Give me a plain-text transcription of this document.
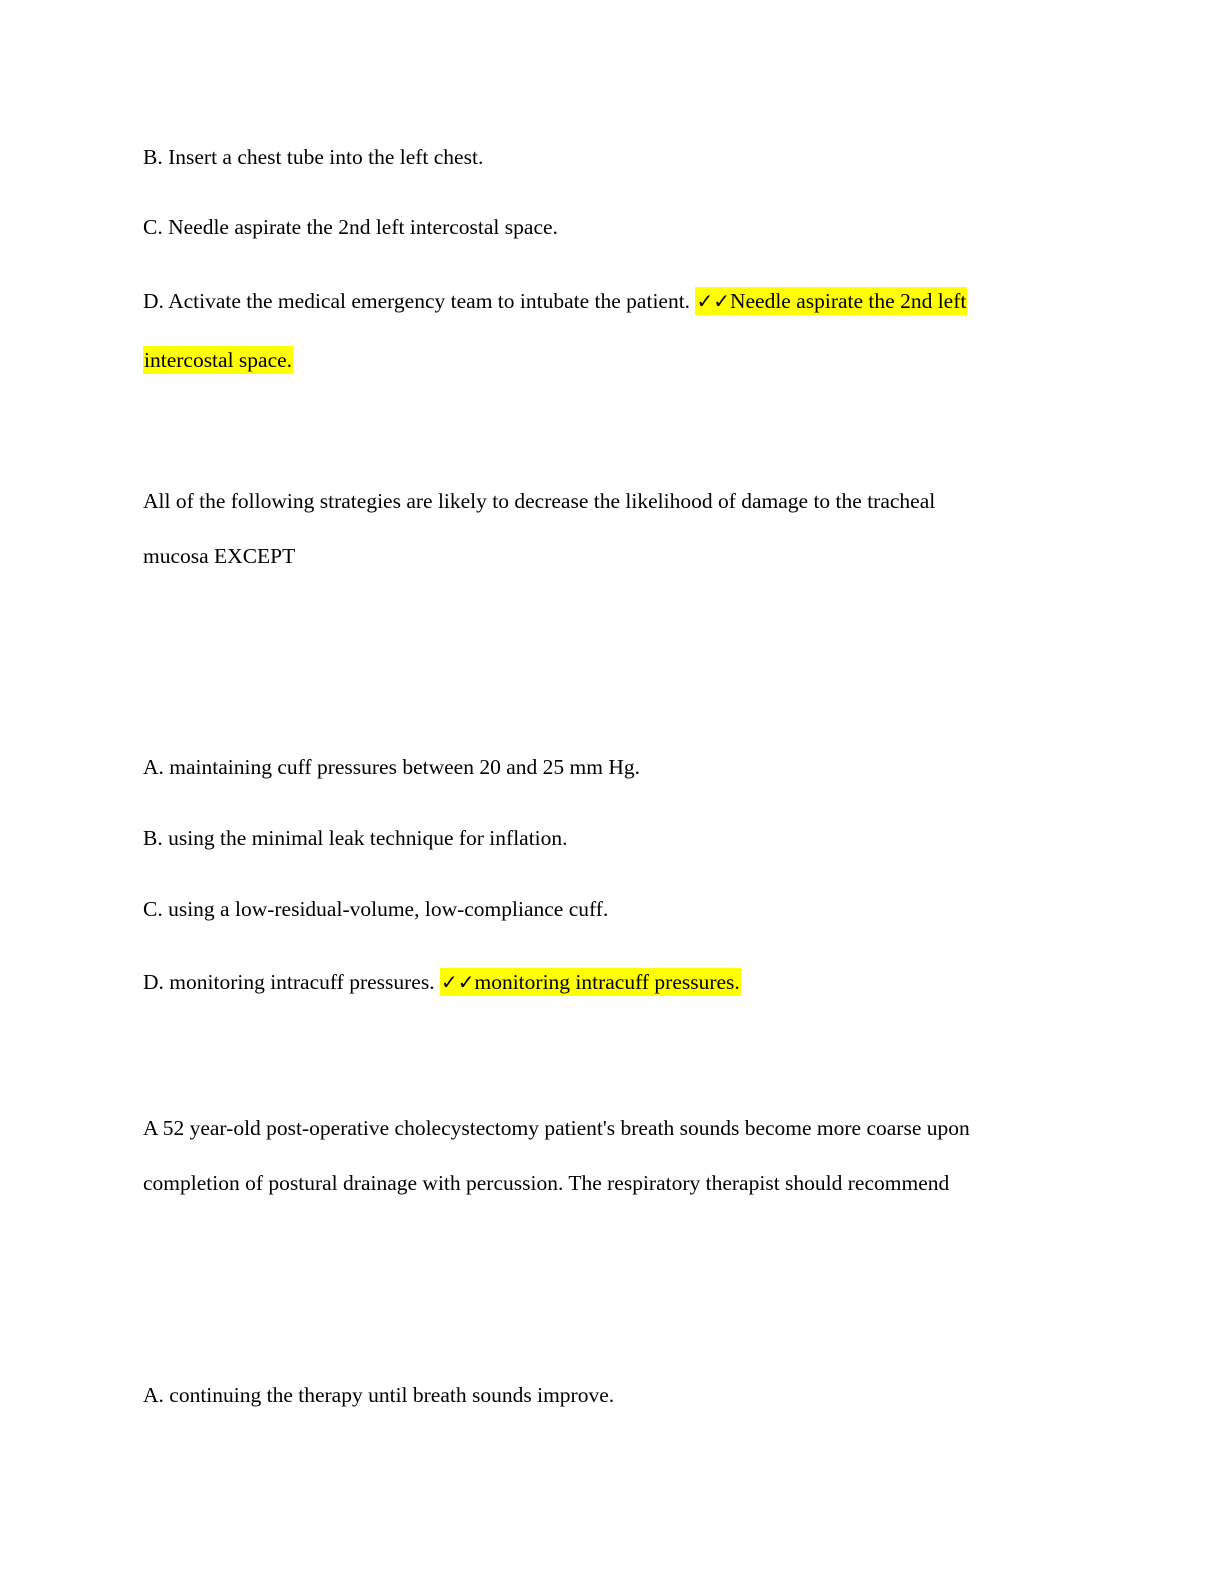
B. Insert a chest tube into the left chest.
C. Needle aspirate the 2nd left intercostal space.
D. Activate the medical emergency team to intubate the patient. ✓✓Needle aspirate the 2nd left
intercostal space.
All of the following strategies are likely to decrease the likelihood of damage to the tracheal
mucosa EXCEPT
A. maintaining cuff pressures between 20 and 25 mm Hg.
B. using the minimal leak technique for inflation.
C. using a low-residual-volume, low-compliance cuff.
D. monitoring intracuff pressures. ✓✓monitoring intracuff pressures.
A 52 year-old post-operative cholecystectomy patient's breath sounds become more coarse upon
completion of postural drainage with percussion. The respiratory therapist should recommend
A. continuing the therapy until breath sounds improve.
